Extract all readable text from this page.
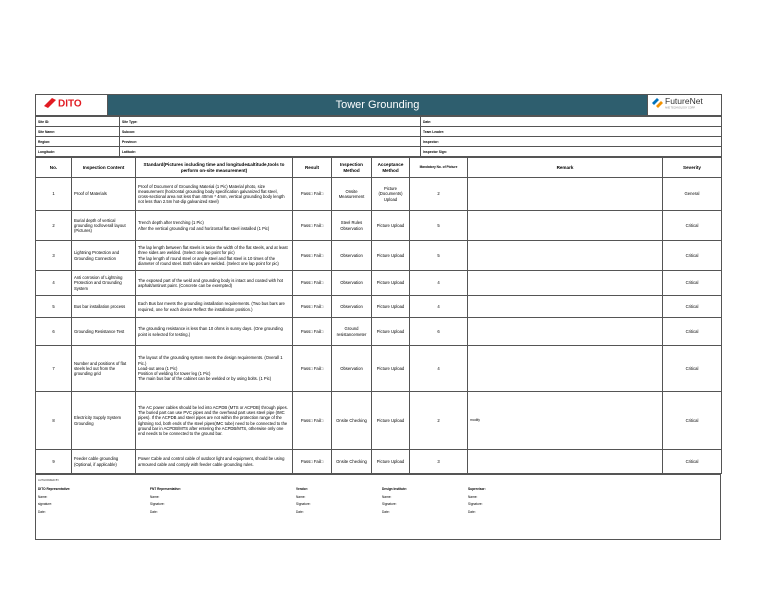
DITO	Tower Grounding	FutureNet
AND TECHNOLOGY CORP.
Site ID:	Site Type:	Date:
Site Name:	Subcon:	Team Leader:
Region:	Province:	Inspector:
Longitude:	Latitude:	Inspector Sign:
No.	Inspection Content	Standard(Pictures including time and longitude&altitude,tools to perform on-site measurement)	Result	Inspection Method	Acceptance Method	Mandatory No. of Picture	Remark	Severity
1	Proof of Materials	Proof of Document of Grounding Material (1 Pic) Material photo, size measurement (horizontal grounding body specification galvanized flat steel, cross-sectional area not less than 40mm * 4mm, vertical grounding body length not less than 2.5m hot-dip galvanized steel)	Pass□ Fail□	Onsite Measurement	Picture (Documents) Upload	2		General
2	Burial depth of vertical grounding rod/overall layout (Pictures)	Trench depth after trenching (1 Pic)
After the vertical grounding rod and horizontal flat steel installed (1 Pic)	Pass□ Fail□	Steel Rules Observation	Picture Upload	5		Critical
3	Lightning Protection and Grounding Connection	The lap length between flat steels is twice the width of the flat steels, and at least three sides are welded. (Select one lap point for pic)
The lap length of round steel or angle steel and flat steel is 10 times of the diameter of round steel. Both sides are welded. (Select one lap point for pic)	Pass□ Fail□	Observation	Picture Upload	5		Critical
4	Anti corrosion of Lightning Protection and Grounding System	The exposed part of the weld and grounding body is intact and coated with hot asphalt/antirust paint. (Concrete can be exempted)	Pass□ Fail□	Observation	Picture Upload	4		Critical
5	Bus bar installation process	Each Bus bar meets the grounding installation requirements. (Two bus bars are required, one for each device Reflect the installation position.)	Pass□ Fail□	Observation	Picture Upload	4		Critical
6	Grounding Resistance Test	The grounding resistance is less than 10 ohms in sunny days. (One grounding point is selected for testing.)	Pass□ Fail□	Ground resistancemeter	Picture Upload	6		Critical
7	Number and positions of flat steels led out from the grounding grid	The layout of the grounding system meets the design requirements. (Overall 1 Pic.)
Lead-out area (1 Pic)
Position of welding for tower leg (1 Pic)
The main bus bar of the cabinet can be welded or by using bolts. (1 Pic)	Pass□ Fail□	Observation	Picture Upload	4		Critical
8	Electricity Supply System Grounding	The AC power cables should be led into ACPDB (MTS or ACPDB) through pipes. The buried part can use PVC pipes and the overhead part uses steel pipe (IMC pipes). If the ACPDB and steel pipes are not within the protection range of the lightning rod, both ends of the steel pipes(IMC tube) need to be connected to the ground bar in ACPDB/MTS after entering the ACPDB/MTS, otherwise only one end needs to be connected to the ground bar.	Pass□ Fail□	Onsite Checking	Picture Upload	2	modify	Critical
9	Feeder cable grounding (Optional, if applicable)	Power Cable and control cable of outdoor light and equipment, should be using armoured cable and comply with feeder cable grounding rules.	Pass□ Fail□	Onsite Checking	Picture Upload	3		Critical
AUTHORIZED BY
DITO Representative:
Name:
signature:
Date:
FNT Representative:
Name:
Signature:
Date:
Vendor:
Name:
Signature:
Date:
Design Institute:
Name:
Signature:
Date:
Supervisor:
Name:
Signature:
Date:
